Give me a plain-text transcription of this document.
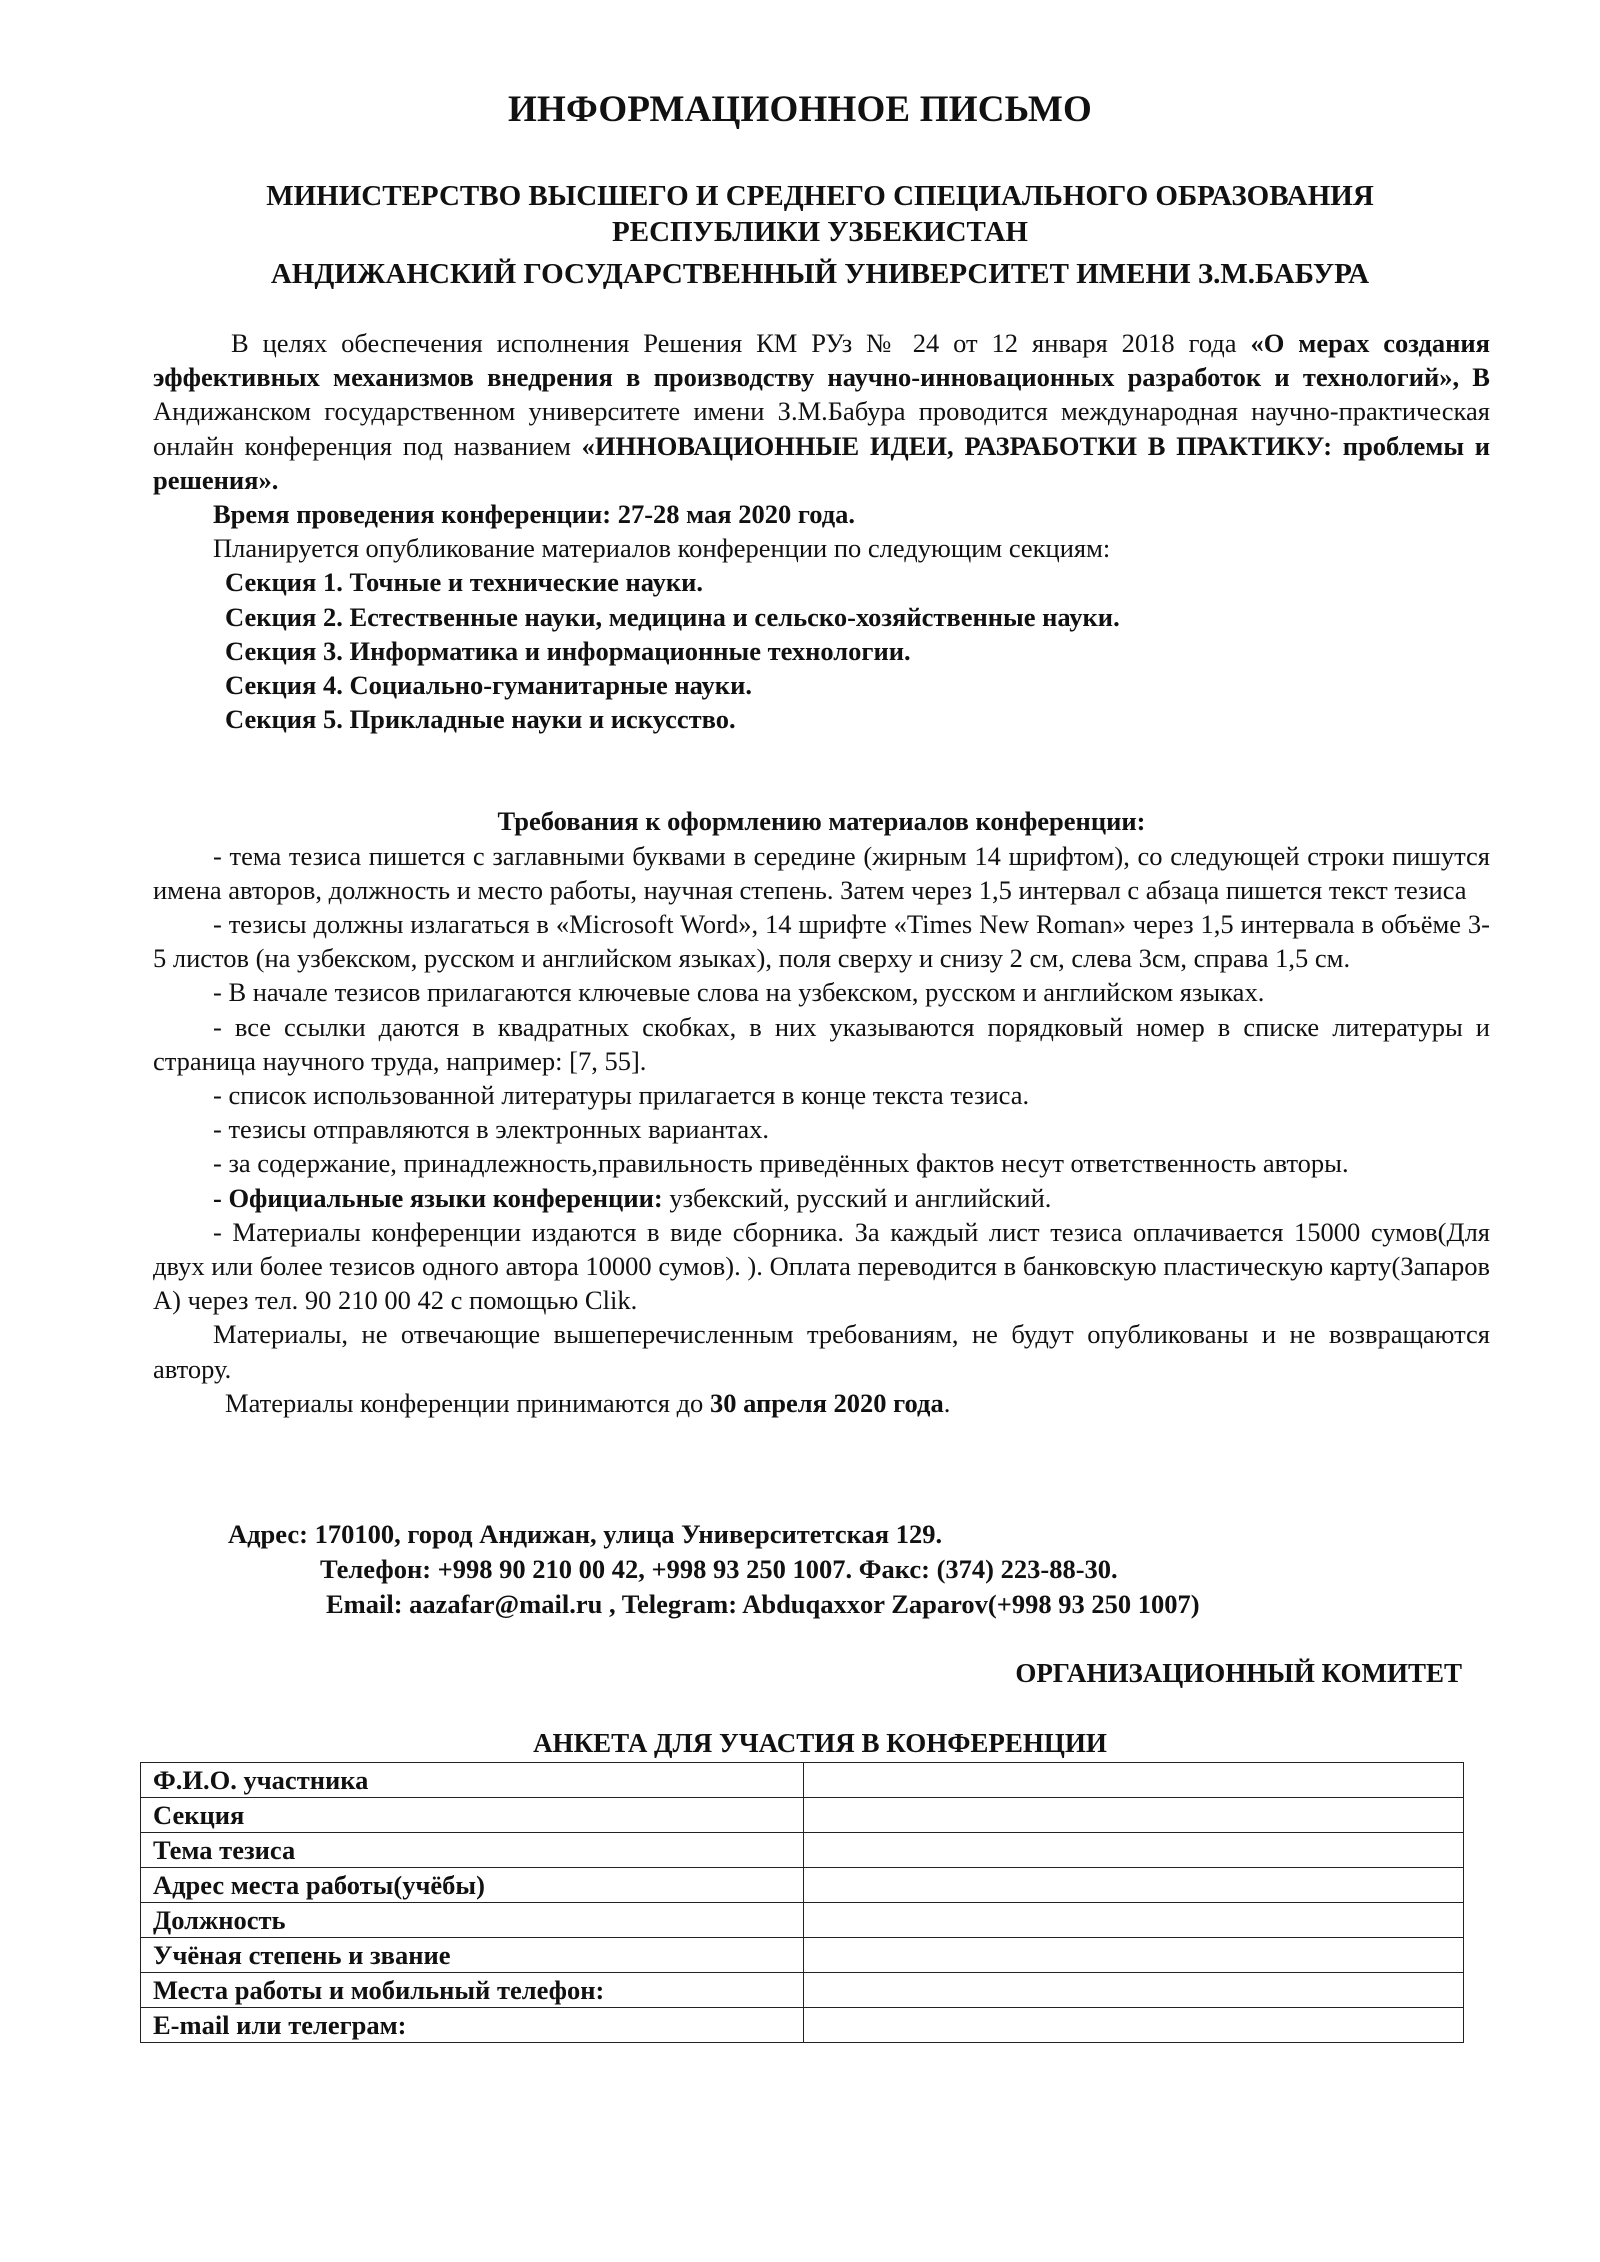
ИНФОРМАЦИОННОЕ ПИСЬМО
МИНИСТЕРСТВО ВЫСШЕГО И СРЕДНЕГО СПЕЦИАЛЬНОГО ОБРАЗОВАНИЯ
РЕСПУБЛИКИ УЗБЕКИСТАН
АНДИЖАНСКИЙ ГОСУДАРСТВЕННЫЙ УНИВЕРСИТЕТ ИМЕНИ З.М.БАБУРА

В целях обеспечения исполнения Решения КМ РУз № 24 от 12 января 2018 года «О мерах создания эффективных механизмов внедрения в производству научно-инновационных разработок и технологий», В Андижанском государственном университете имени З.М.Бабура проводится международная научно-практическая онлайн конференция под названием «ИННОВАЦИОННЫЕ ИДЕИ, РАЗРАБОТКИ В ПРАКТИКУ: проблемы и решения».

Время проведения конференции: 27-28 мая 2020 года.

Планируется опубликование материалов конференции по следующим секциям:

Секция 1. Точные и технические науки.

Секция 2. Естественные науки, медицина и сельско-хозяйственные науки.

Секция 3. Информатика и информационные технологии.

Секция 4. Социально-гуманитарные науки.

Секция 5. Прикладные науки и искусство.

Требования к оформлению материалов конференции:

- тема тезиса пишется с заглавными буквами в середине (жирным 14 шрифтом), со следующей строки пишутся имена авторов, должность и место работы, научная степень. Затем через 1,5 интервал с абзаца пишется текст тезиса

- тезисы должны излагаться в «Microsoft Word», 14 шрифте «Times New Roman» через 1,5 интервала в объёме 3-5 листов (на узбекском, русском и английском языках), поля сверху и снизу 2 см, слева 3см, справа 1,5 см.

- В начале тезисов прилагаются ключевые слова на узбекском, русском и английском языках.

- все ссылки даются в квадратных скобках, в них указываются порядковый номер в списке литературы и страница научного труда, например: [7, 55].

- список использованной литературы прилагается в конце текста тезиса.

- тезисы отправляются в электронных вариантах.

- за содержание, принадлежность,правильность приведённых фактов несут ответственность авторы.

- Официальные языки конференции: узбекский, русский и английский.

- Материалы конференции издаются в виде сборника. За каждый лист тезиса оплачивается 15000 сумов(Для двух или более тезисов одного автора 10000 сумов). ). Оплата переводится в банковскую пластическую карту(Запаров А) через тел. 90 210 00 42 с помощью Clik.

Материалы, не отвечающие вышеперечисленным требованиям, не будут опубликованы и не возвращаются автору.

Материалы конференции принимаются до 30 апреля 2020 года.

Адрес: 170100, город Андижан, улица Университетская 129.
Телефон: +998 90 210 00 42, +998 93 250 1007. Факс: (374) 223-88-30.
Email: aazafar@mail.ru , Telegram: Abduqaxxor Zaparov(+998 93 250 1007)
ОРГАНИЗАЦИОННЫЙ КОМИТЕТ
АНКЕТА ДЛЯ УЧАСТИЯ В КОНФЕРЕНЦИИ
Ф.И.О. участника	
Секция	
Тема тезиса	
Адрес места работы(учёбы)	
Должность	
Учёная степень и звание	
Места работы и мобильный телефон:	
E-mail или телеграм:	
